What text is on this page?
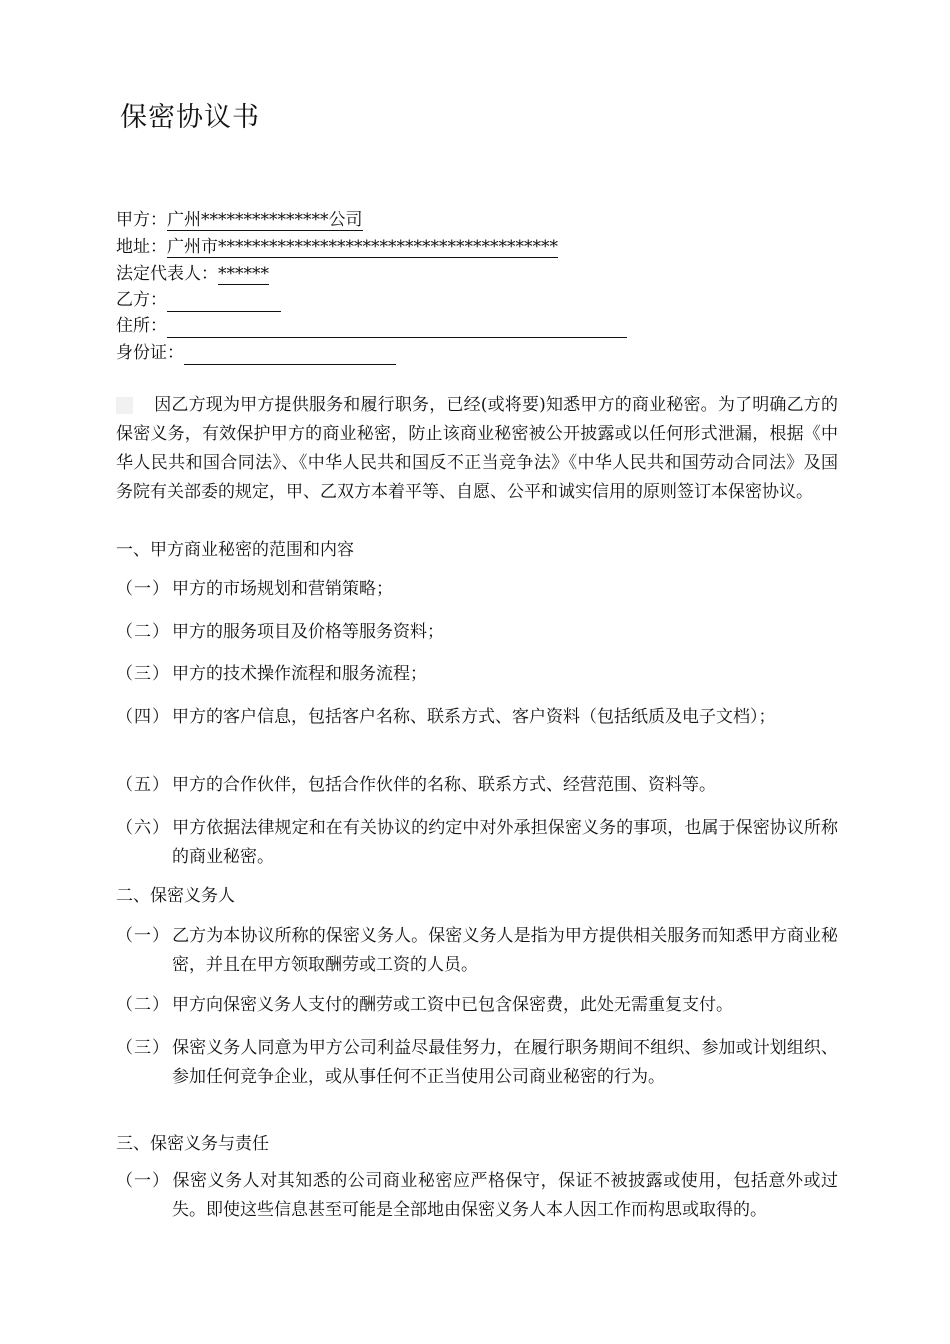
保密协议书
甲方：广州***************公司
地址：广州市****************************************
法定代表人：******
乙方：
住所：
身份证：

因乙方现为甲方提供服务和履行职务，已经(或将要)知悉甲方的商业秘密。为了明确乙方的保密义务，有效保护甲方的商业秘密，防止该商业秘密被公开披露或以任何形式泄漏，根据《中华人民共和国合同法》、《中华人民共和国反不正当竞争法》《中华人民共和国劳动合同法》及国务院有关部委的规定，甲、乙双方本着平等、自愿、公平和诚实信用的原则签订本保密协议。

一、甲方商业秘密的范围和内容
（一） 甲方的市场规划和营销策略；
（二） 甲方的服务项目及价格等服务资料；
（三） 甲方的技术操作流程和服务流程；
（四） 甲方的客户信息，包括客户名称、联系方式、客户资料（包括纸质及电子文档）；
（五） 甲方的合作伙伴，包括合作伙伴的名称、联系方式、经营范围、资料等。
（六） 甲方依据法律规定和在有关协议的约定中对外承担保密义务的事项，也属于保密协议所称的商业秘密。
二、保密义务人
（一） 乙方为本协议所称的保密义务人。保密义务人是指为甲方提供相关服务而知悉甲方商业秘密，并且在甲方领取酬劳或工资的人员。
（二） 甲方向保密义务人支付的酬劳或工资中已包含保密费，此处无需重复支付。
（三） 保密义务人同意为甲方公司利益尽最佳努力，在履行职务期间不组织、参加或计划组织、参加任何竞争企业，或从事任何不正当使用公司商业秘密的行为。
三、保密义务与责任
（一） 保密义务人对其知悉的公司商业秘密应严格保守，保证不被披露或使用，包括意外或过失。即使这些信息甚至可能是全部地由保密义务人本人因工作而构思或取得的。
